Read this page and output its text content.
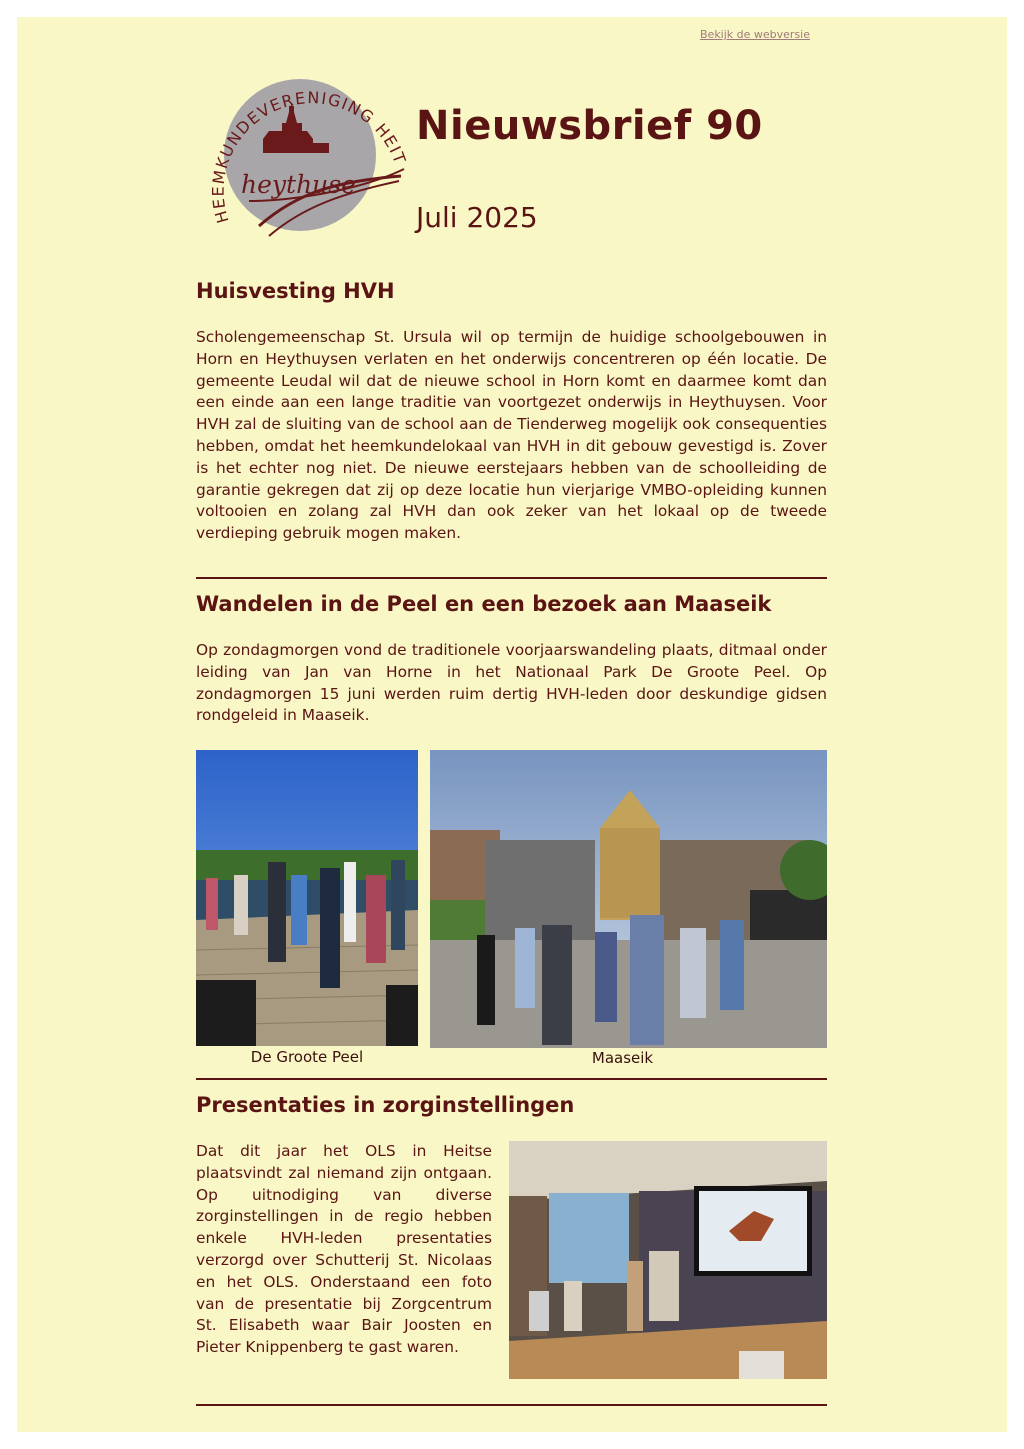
Bekijk de webversie
heythuse
HEEMKUNDEVERENIGING HEIT
Nieuwsbrief 90
Juli 2025
Huisvesting HVH

Scholengemeenschap St. Ursula wil op termijn de huidige schoolgebouwen in Horn en Heythuysen verlaten en het onderwijs concentreren op één locatie. De gemeente Leudal wil dat de nieuwe school in Horn komt en daarmee komt dan een einde aan een lange traditie van voortgezet onderwijs in Heythuysen. Voor HVH zal de sluiting van de school aan de Tienderweg mogelijk ook consequenties hebben, omdat het heemkundelokaal van HVH in dit gebouw gevestigd is. Zover is het echter nog niet. De nieuwe eerstejaars hebben van de schoolleiding de garantie gekregen dat zij op deze locatie hun vierjarige VMBO-opleiding kunnen voltooien en zolang zal HVH dan ook zeker van het lokaal op de tweede verdieping gebruik mogen maken.

Wandelen in de Peel en een bezoek aan Maaseik

Op zondagmorgen vond de traditionele voorjaarswandeling plaats, ditmaal onder leiding van Jan van Horne in het Nationaal Park De Groote Peel. Op zondagmorgen 15 juni werden ruim dertig HVH-leden door deskundige gidsen rondgeleid in Maaseik.

De Groote Peel	Maaseik
Presentaties in zorginstellingen

Dat dit jaar het OLS in Heitse plaatsvindt zal niemand zijn ontgaan. Op uitnodiging van diverse zorginstellingen in de regio hebben enkele HVH-leden presentaties verzorgd over Schutterij St. Nicolaas en het OLS. Onderstaand een foto van de presentatie bij Zorgcentrum St. Elisabeth waar Bair Joosten en Pieter Knippenberg te gast waren.
